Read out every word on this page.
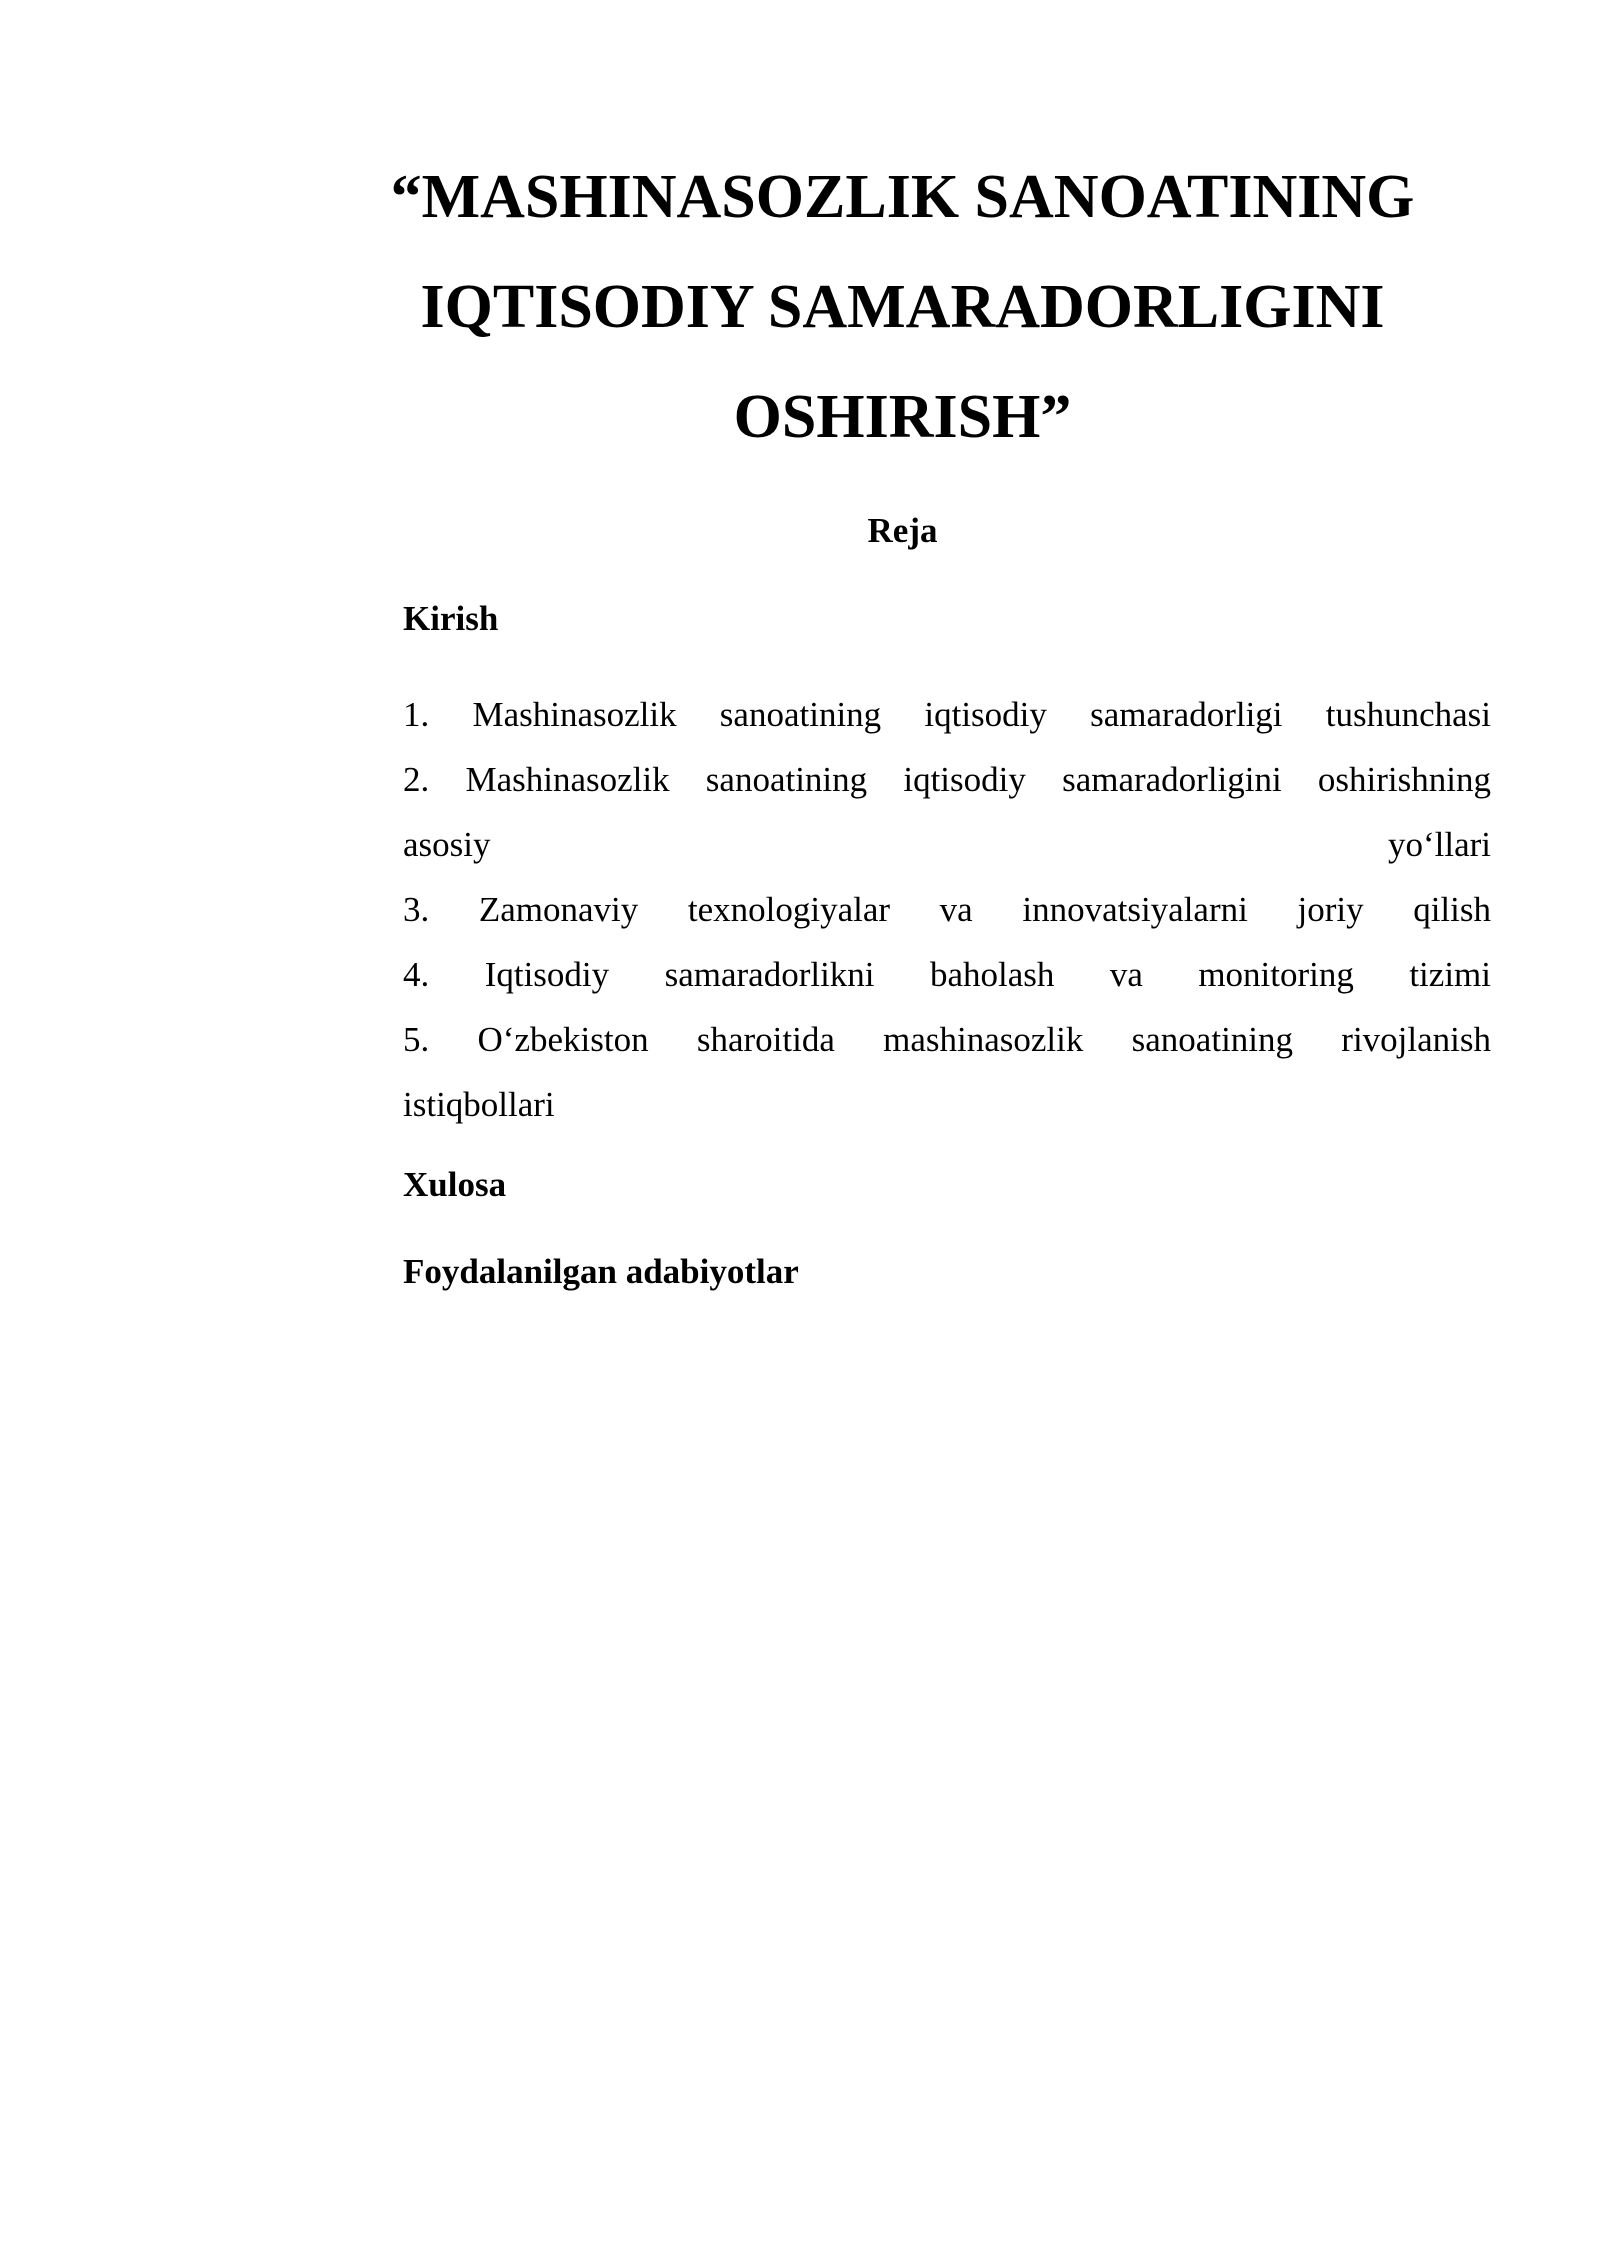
“MASHINASOZLIK SANOATINING
IQTISODIY SAMARADORLIGINI
OSHIRISH”
Reja
Kirish
1. Mashinasozlik sanoatining iqtisodiy samaradorligi tushunchasi
2. Mashinasozlik sanoatining iqtisodiy samaradorligini oshirishning
asosiy	yo‘llari
3. Zamonaviy texnologiyalar va innovatsiyalarni joriy qilish
4. Iqtisodiy samaradorlikni baholash va monitoring tizimi
5. O‘zbekiston sharoitida mashinasozlik sanoatining rivojlanish
istiqbollari
Xulosa
Foydalanilgan adabiyotlar
